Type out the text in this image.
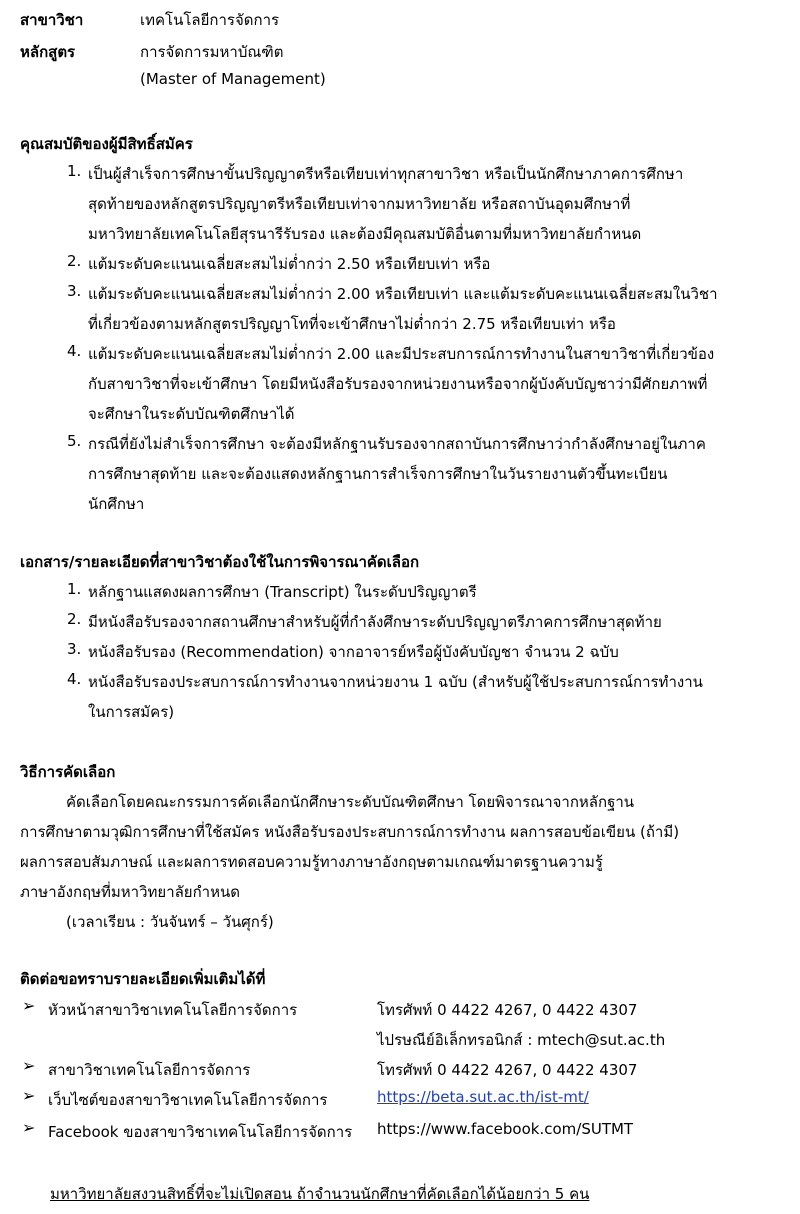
สาขาวิชา	เทคโนโลยีการจัดการ
หลักสูตร	การจัดการมหาบัณฑิต
(Master of Management)
คุณสมบัติของผู้มีสิทธิ์สมัคร
1. เป็นผู้สำเร็จการศึกษาขั้นปริญญาตรีหรือเทียบเท่าทุกสาขาวิชา หรือเป็นนักศึกษาภาคการศึกษา
สุดท้ายของหลักสูตรปริญญาตรีหรือเทียบเท่าจากมหาวิทยาลัย หรือสถาบันอุดมศึกษาที่
มหาวิทยาลัยเทคโนโลยีสุรนารีรับรอง และต้องมีคุณสมบัติอื่นตามที่มหาวิทยาลัยกำหนด
2. แต้มระดับคะแนนเฉลี่ยสะสมไม่ต่ำกว่า 2.50 หรือเทียบเท่า หรือ
3. แต้มระดับคะแนนเฉลี่ยสะสมไม่ต่ำกว่า 2.00 หรือเทียบเท่า และแต้มระดับคะแนนเฉลี่ยสะสมในวิชา
ที่เกี่ยวข้องตามหลักสูตรปริญญาโทที่จะเข้าศึกษาไม่ต่ำกว่า 2.75 หรือเทียบเท่า หรือ
4. แต้มระดับคะแนนเฉลี่ยสะสมไม่ต่ำกว่า 2.00 และมีประสบการณ์การทำงานในสาขาวิชาที่เกี่ยวข้อง
กับสาขาวิชาที่จะเข้าศึกษา โดยมีหนังสือรับรองจากหน่วยงานหรือจากผู้บังคับบัญชาว่ามีศักยภาพที่
จะศึกษาในระดับบัณฑิตศึกษาได้
5. กรณีที่ยังไม่สำเร็จการศึกษา จะต้องมีหลักฐานรับรองจากสถาบันการศึกษาว่ากำลังศึกษาอยู่ในภาค
การศึกษาสุดท้าย และจะต้องแสดงหลักฐานการสำเร็จการศึกษาในวันรายงานตัวขึ้นทะเบียน
นักศึกษา
เอกสาร/รายละเอียดที่สาขาวิชาต้องใช้ในการพิจารณาคัดเลือก
1. หลักฐานแสดงผลการศึกษา (Transcript) ในระดับปริญญาตรี
2. มีหนังสือรับรองจากสถานศึกษาสำหรับผู้ที่กำลังศึกษาระดับปริญญาตรีภาคการศึกษาสุดท้าย
3. หนังสือรับรอง (Recommendation) จากอาจารย์หรือผู้บังคับบัญชา จำนวน 2 ฉบับ
4. หนังสือรับรองประสบการณ์การทำงานจากหน่วยงาน 1 ฉบับ (สำหรับผู้ใช้ประสบการณ์การทำงาน
ในการสมัคร)
วิธีการคัดเลือก
คัดเลือกโดยคณะกรรมการคัดเลือกนักศึกษาระดับบัณฑิตศึกษา โดยพิจารณาจากหลักฐาน
การศึกษาตามวุฒิการศึกษาที่ใช้สมัคร หนังสือรับรองประสบการณ์การทำงาน ผลการสอบข้อเขียน (ถ้ามี)
ผลการสอบสัมภาษณ์ และผลการทดสอบความรู้ทางภาษาอังกฤษตามเกณฑ์มาตรฐานความรู้
ภาษาอังกฤษที่มหาวิทยาลัยกำหนด
(เวลาเรียน : วันจันทร์ – วันศุกร์)
ติดต่อขอทราบรายละเอียดเพิ่มเติมได้ที่
➢ หัวหน้าสาขาวิชาเทคโนโลยีการจัดการ	โทรศัพท์ 0 4422 4267, 0 4422 4307
ไปรษณีย์อิเล็กทรอนิกส์ : mtech@sut.ac.th
➢ สาขาวิชาเทคโนโลยีการจัดการ	โทรศัพท์ 0 4422 4267, 0 4422 4307
➢ เว็บไซต์ของสาขาวิชาเทคโนโลยีการจัดการ	https://beta.sut.ac.th/ist-mt/
➢ Facebook ของสาขาวิชาเทคโนโลยีการจัดการ https://www.facebook.com/SUTMT
มหาวิทยาลัยสงวนสิทธิ์ที่จะไม่เปิดสอน ถ้าจำนวนนักศึกษาที่คัดเลือกได้น้อยกว่า 5 คน
